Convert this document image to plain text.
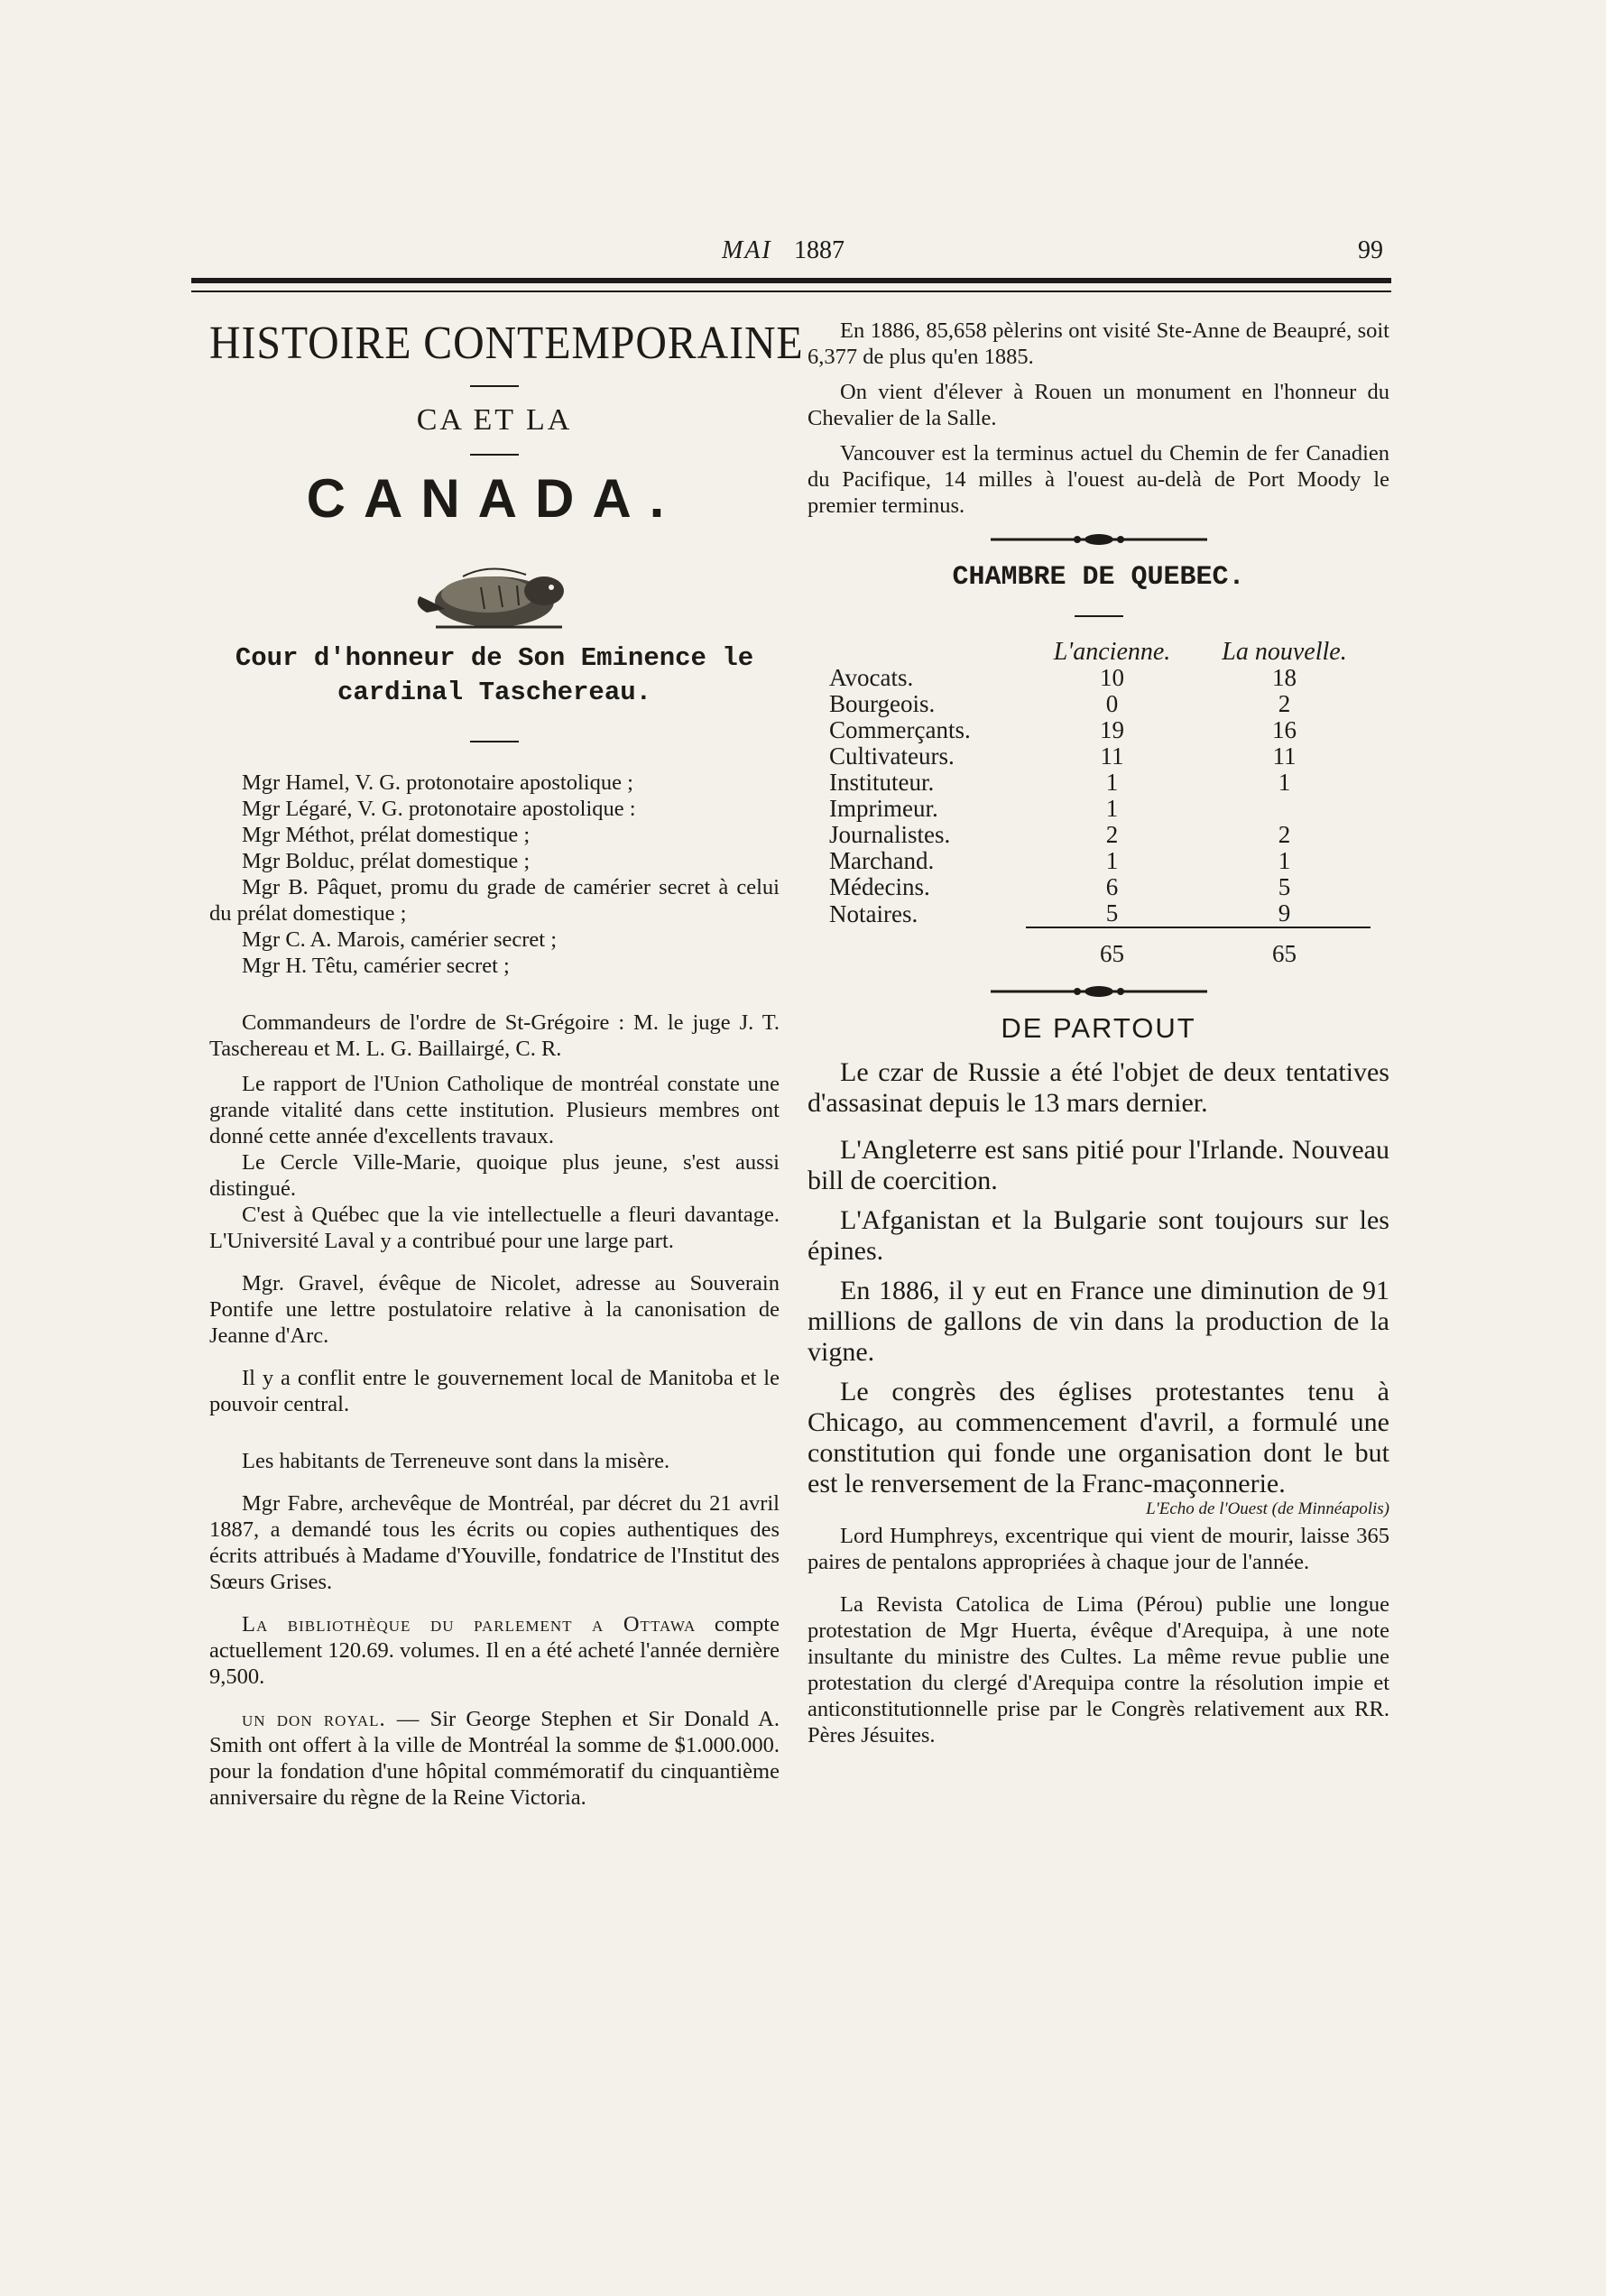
MAI 1887	99
HISTOIRE CONTEMPORAINE
CA ET LA
CANADA.
Cour d'honneur de Son Eminence le
cardinal Taschereau.

Mgr Hamel, V. G. protonotaire apostolique ;

Mgr Légaré, V. G. protonotaire apostolique :

Mgr Méthot, prélat domestique ;

Mgr Bolduc, prélat domestique ;

Mgr B. Pâquet, promu du grade de camérier secret à celui du prélat domestique ;

Mgr C. A. Marois, camérier secret ;

Mgr H. Têtu, camérier secret ;

Commandeurs de l'ordre de St-Grégoire : M. le juge J. T. Taschereau et M. L. G. Baillairgé, C. R.

Le rapport de l'Union Catholique de montréal constate une grande vitalité dans cette institution. Plusieurs membres ont donné cette année d'excellents travaux.

Le Cercle Ville-Marie, quoique plus jeune, s'est aussi distingué.

C'est à Québec que la vie intellectuelle a fleuri davantage. L'Université Laval y a contribué pour une large part.

Mgr. Gravel, évêque de Nicolet, adresse au Souverain Pontife une lettre postulatoire relative à la canonisation de Jeanne d'Arc.

Il y a conflit entre le gouvernement local de Manitoba et le pouvoir central.

Les habitants de Terreneuve sont dans la misère.

Mgr Fabre, archevêque de Montréal, par décret du 21 avril 1887, a demandé tous les écrits ou copies authentiques des écrits attribués à Madame d'Youville, fondatrice de l'Institut des Sœurs Grises.

La bibliothèque du parlement a Ottawa compte actuellement 120.69. volumes. Il en a été acheté l'année dernière 9,500.

un don royal. — Sir George Stephen et Sir Donald A. Smith ont offert à la ville de Montréal la somme de $1.000.000. pour la fondation d'une hôpital commémoratif du cinquantième anniversaire du règne de la Reine Victoria.

En 1886, 85,658 pèlerins ont visité Ste-Anne de Beaupré, soit 6,377 de plus qu'en 1885.

On vient d'élever à Rouen un monument en l'honneur du Chevalier de la Salle.

Vancouver est la terminus actuel du Chemin de fer Canadien du Pacifique, 14 milles à l'ouest au-delà de Port Moody le premier terminus.

CHAMBRE DE QUEBEC.
	L'ancienne.	La nouvelle.
Avocats.	10	18
Bourgeois.	0	2
Commerçants.	19	16
Cultivateurs.	11	11
Instituteur.	1	1
Imprimeur.	1	
Journalistes.	2	2
Marchand.	1	1
Médecins.	6	5
Notaires.	5	9
	65	65
DE PARTOUT

Le czar de Russie a été l'objet de deux tentatives d'assasinat depuis le 13 mars dernier.

L'Angleterre est sans pitié pour l'Irlande. Nouveau bill de coercition.

L'Afganistan et la Bulgarie sont toujours sur les épines.

En 1886, il y eut en France une diminution de 91 millions de gallons de vin dans la production de la vigne.

Le congrès des églises protestantes tenu à Chicago, au commencement d'avril, a formulé une constitution qui fonde une organisation dont le but est le renversement de la Franc-maçonnerie.

L'Echo de l'Ouest (de Minnéapolis)

Lord Humphreys, excentrique qui vient de mourir, laisse 365 paires de pentalons appropriées à chaque jour de l'année.

La Revista Catolica de Lima (Pérou) publie une longue protestation de Mgr Huerta, évêque d'Arequipa, à une note insultante du ministre des Cultes. La même revue publie une protestation du clergé d'Arequipa contre la résolution impie et anticonstitutionnelle prise par le Congrès relativement aux RR. Pères Jésuites.
